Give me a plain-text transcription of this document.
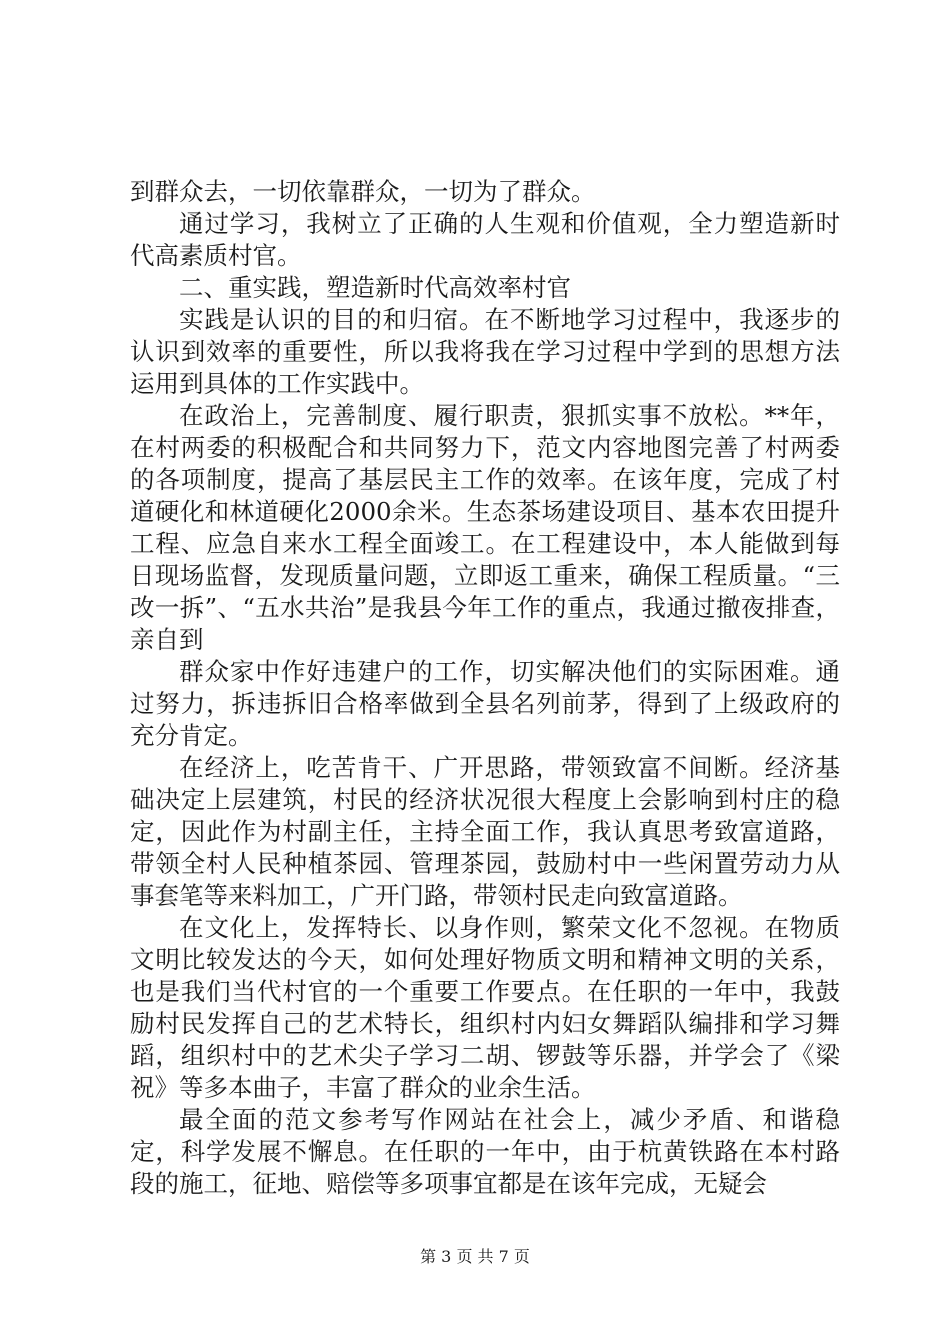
到群众去，一切依靠群众，一切为了群众。

通过学习，我树立了正确的人生观和价值观，全力塑造新时代高素质村官。

二、重实践，塑造新时代高效率村官

实践是认识的目的和归宿。在不断地学习过程中，我逐步的认识到效率的重要性，所以我将我在学习过程中学到的思想方法运用到具体的工作实践中。

在政治上，完善制度、履行职责，狠抓实事不放松。**年，在村两委的积极配合和共同努力下，范文内容地图完善了村两委的各项制度，提高了基层民主工作的效率。在该年度，完成了村道硬化和林道硬化2000余米。生态茶场建设项目、基本农田提升工程、应急自来水工程全面竣工。在工程建设中，本人能做到每日现场监督，发现质量问题，立即返工重来，确保工程质量。“三改一拆”、“五水共治”是我县今年工作的重点，我通过撤夜排查，亲自到

群众家中作好违建户的工作，切实解决他们的实际困难。通过努力，拆违拆旧合格率做到全县名列前茅，得到了上级政府的充分肯定。

在经济上，吃苦肯干、广开思路，带领致富不间断。经济基础决定上层建筑，村民的经济状况很大程度上会影响到村庄的稳定，因此作为村副主任，主持全面工作，我认真思考致富道路，带领全村人民种植茶园、管理茶园，鼓励村中一些闲置劳动力从事套笔等来料加工，广开门路，带领村民走向致富道路。

在文化上，发挥特长、以身作则，繁荣文化不忽视。在物质文明比较发达的今天，如何处理好物质文明和精神文明的关系，也是我们当代村官的一个重要工作要点。在任职的一年中，我鼓励村民发挥自己的艺术特长，组织村内妇女舞蹈队编排和学习舞蹈，组织村中的艺术尖子学习二胡、锣鼓等乐器，并学会了《梁祝》等多本曲子，丰富了群众的业余生活。

最全面的范文参考写作网站在社会上，减少矛盾、和谐稳定，科学发展不懈息。在任职的一年中，由于杭黄铁路在本村路段的施工，征地、赔偿等多项事宜都是在该年完成，无疑会

第 3 页 共 7 页
